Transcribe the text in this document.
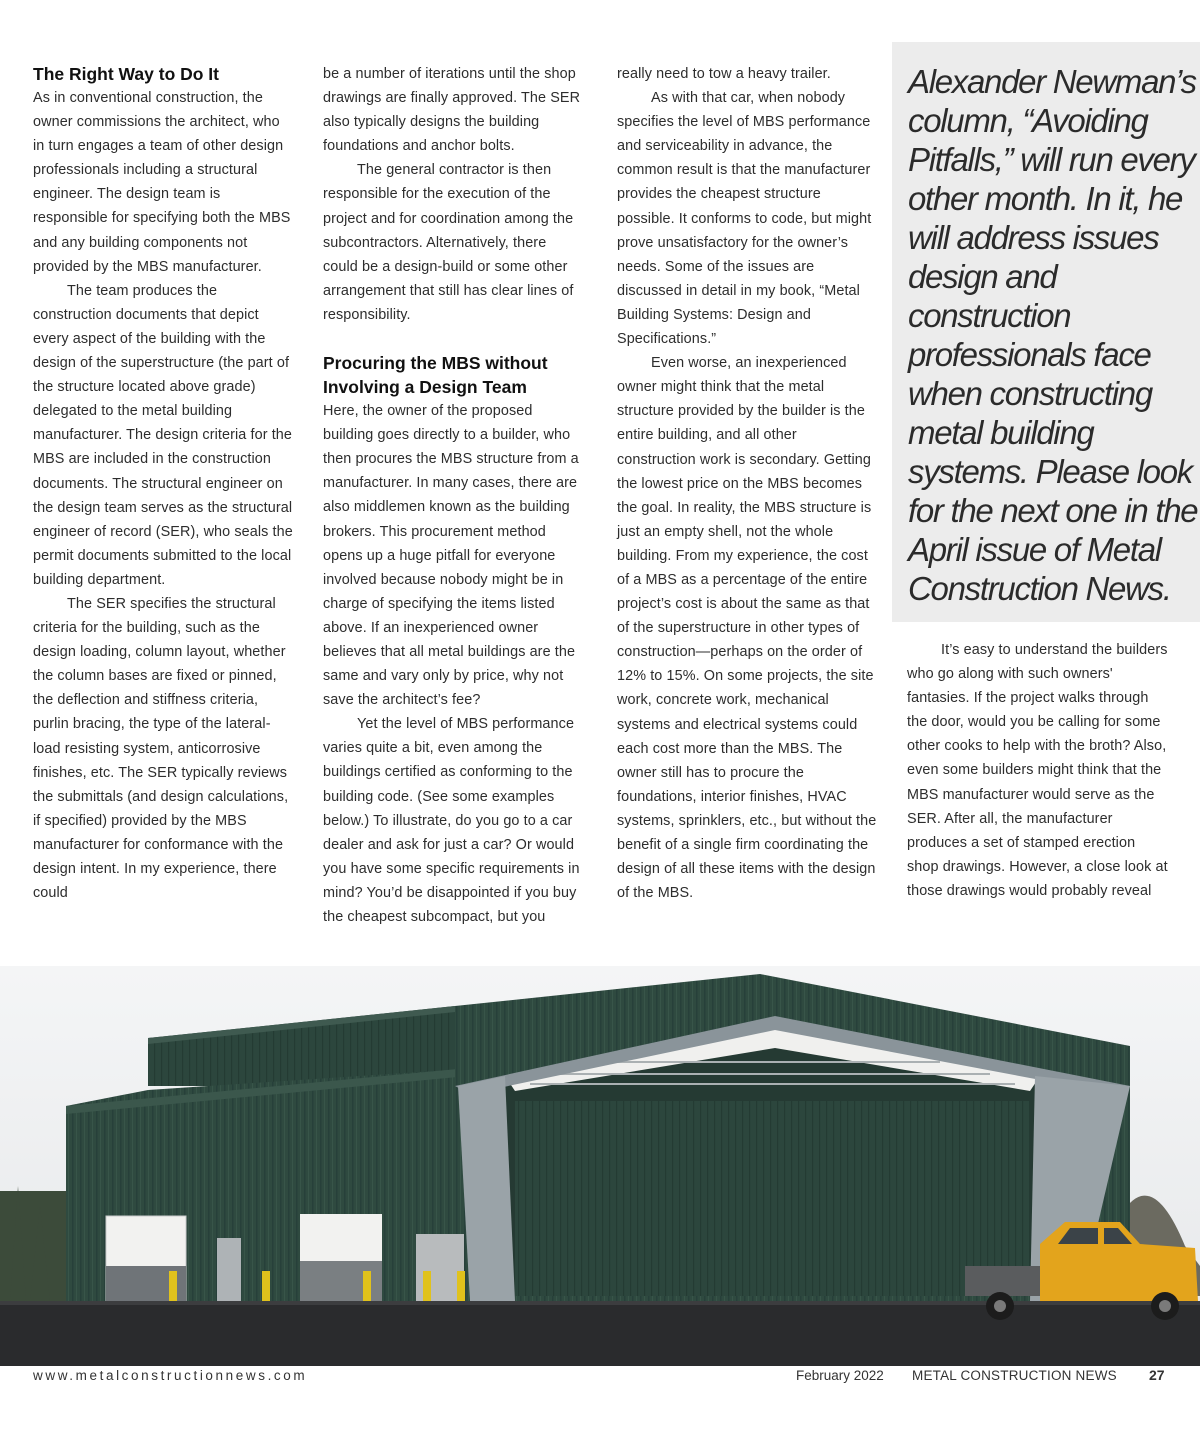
The Right Way to Do It

As in conventional construction, the owner commissions the architect, who in turn engages a team of other design professionals including a structural engineer. The design team is responsible for specifying both the MBS and any building components not provided by the MBS manufacturer.

The team produces the construction documents that depict every aspect of the building with the design of the superstructure (the part of the structure located above grade) delegated to the metal building manufacturer. The design criteria for the MBS are included in the construction documents. The structural engineer on the design team serves as the structural engineer of record (SER), who seals the permit documents submitted to the local building department.

The SER specifies the structural criteria for the building, such as the design loading, column layout, whether the column bases are fixed or pinned, the deflection and stiffness criteria, purlin bracing, the type of the lateral-load resisting system, anticorrosive finishes, etc. The SER typically reviews the submittals (and design calculations, if specified) provided by the MBS manufacturer for conformance with the design intent. In my experience, there could

be a number of iterations until the shop drawings are finally approved. The SER also typically designs the building foundations and anchor bolts.

The general contractor is then responsible for the execution of the project and for coordination among the subcontractors. Alternatively, there could be a design-build or some other arrangement that still has clear lines of responsibility.

Procuring the MBS without Involving a Design Team

Here, the owner of the proposed building goes directly to a builder, who then procures the MBS structure from a manufacturer. In many cases, there are also middlemen known as the building brokers. This procurement method opens up a huge pitfall for everyone involved because nobody might be in charge of specifying the items listed above. If an inexperienced owner believes that all metal buildings are the same and vary only by price, why not save the architect’s fee?

Yet the level of MBS performance varies quite a bit, even among the buildings certified as conforming to the building code. (See some examples below.) To illustrate, do you go to a car dealer and ask for just a car? Or would you have some specific requirements in mind? You’d be disappointed if you buy the cheapest subcompact, but you

really need to tow a heavy trailer.

As with that car, when nobody specifies the level of MBS performance and serviceability in advance, the common result is that the manufacturer provides the cheapest structure possible. It conforms to code, but might prove unsatisfactory for the owner’s needs. Some of the issues are discussed in detail in my book, “Metal Building Systems: Design and Specifications.”

Even worse, an inexperienced owner might think that the metal structure provided by the builder is the entire building, and all other construction work is secondary. Getting the lowest price on the MBS becomes the goal. In reality, the MBS structure is just an empty shell, not the whole building. From my experience, the cost of a MBS as a percentage of the entire project’s cost is about the same as that of the superstructure in other types of construction—perhaps on the order of 12% to 15%. On some projects, the site work, concrete work, mechanical systems and electrical systems could each cost more than the MBS. The owner still has to procure the foundations, interior finishes, HVAC systems, sprinklers, etc., but without the benefit of a single firm coordinating the design of all these items with the design of the MBS.

Alexander Newman’s column, “Avoiding Pitfalls,” will run every other month. In it, he will address issues design and construction professionals face when constructing metal building systems. Please look for the next one in the April issue of Metal Construction News.

It’s easy to understand the builders who go along with such owners' fantasies. If the project walks through the door, would you be calling for some other cooks to help with the broth? Also, even some builders might think that the MBS manufacturer would serve as the SER. After all, the manufacturer produces a set of stamped erection shop drawings. However, a close look at those drawings would probably reveal

www.metalconstructionnews.com	February 2022 METAL CONSTRUCTION NEWS 27
